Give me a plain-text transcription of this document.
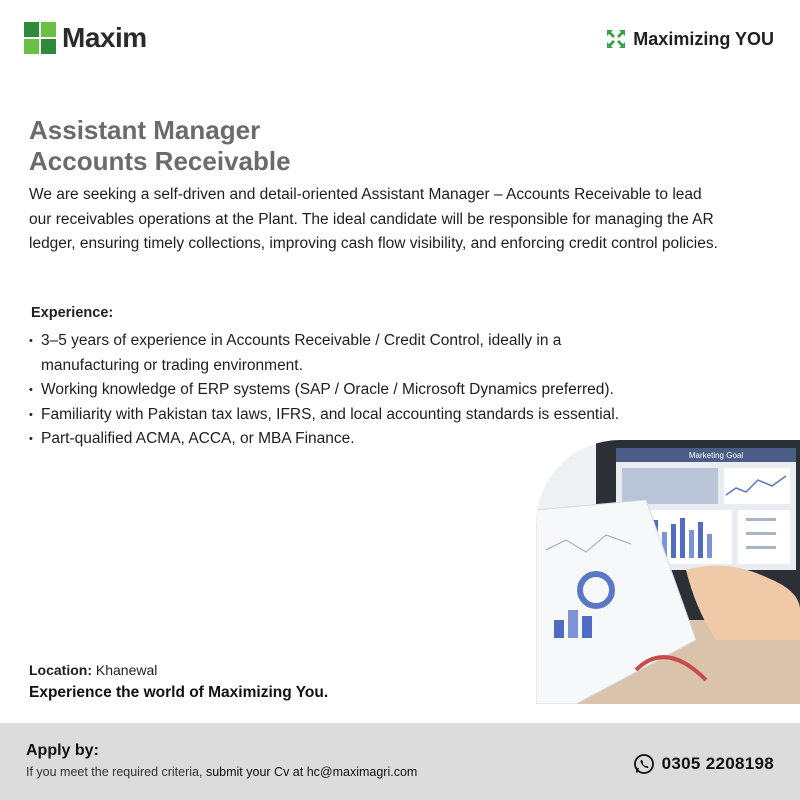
Maxim	Maximizing YOU
Assistant Manager
Accounts Receivable
We are seeking a self-driven and detail-oriented Assistant Manager – Accounts Receivable to lead our receivables operations at the Plant. The ideal candidate will be responsible for managing the AR ledger, ensuring timely collections, improving cash flow visibility, and enforcing credit control policies.
Experience:
• 3–5 years of experience in Accounts Receivable / Credit Control, ideally in a manufacturing or trading environment.
• Working knowledge of ERP systems (SAP / Oracle / Microsoft Dynamics preferred).
• Familiarity with Pakistan tax laws, IFRS, and local accounting standards is essential.
• Part-qualified ACMA, ACCA, or MBA Finance.
Marketing Goal
Location: Khanewal
Experience the world of Maximizing You.
Apply by:
If you meet the required criteria, submit your Cv at hc@maximagri.com	0305 2208198
